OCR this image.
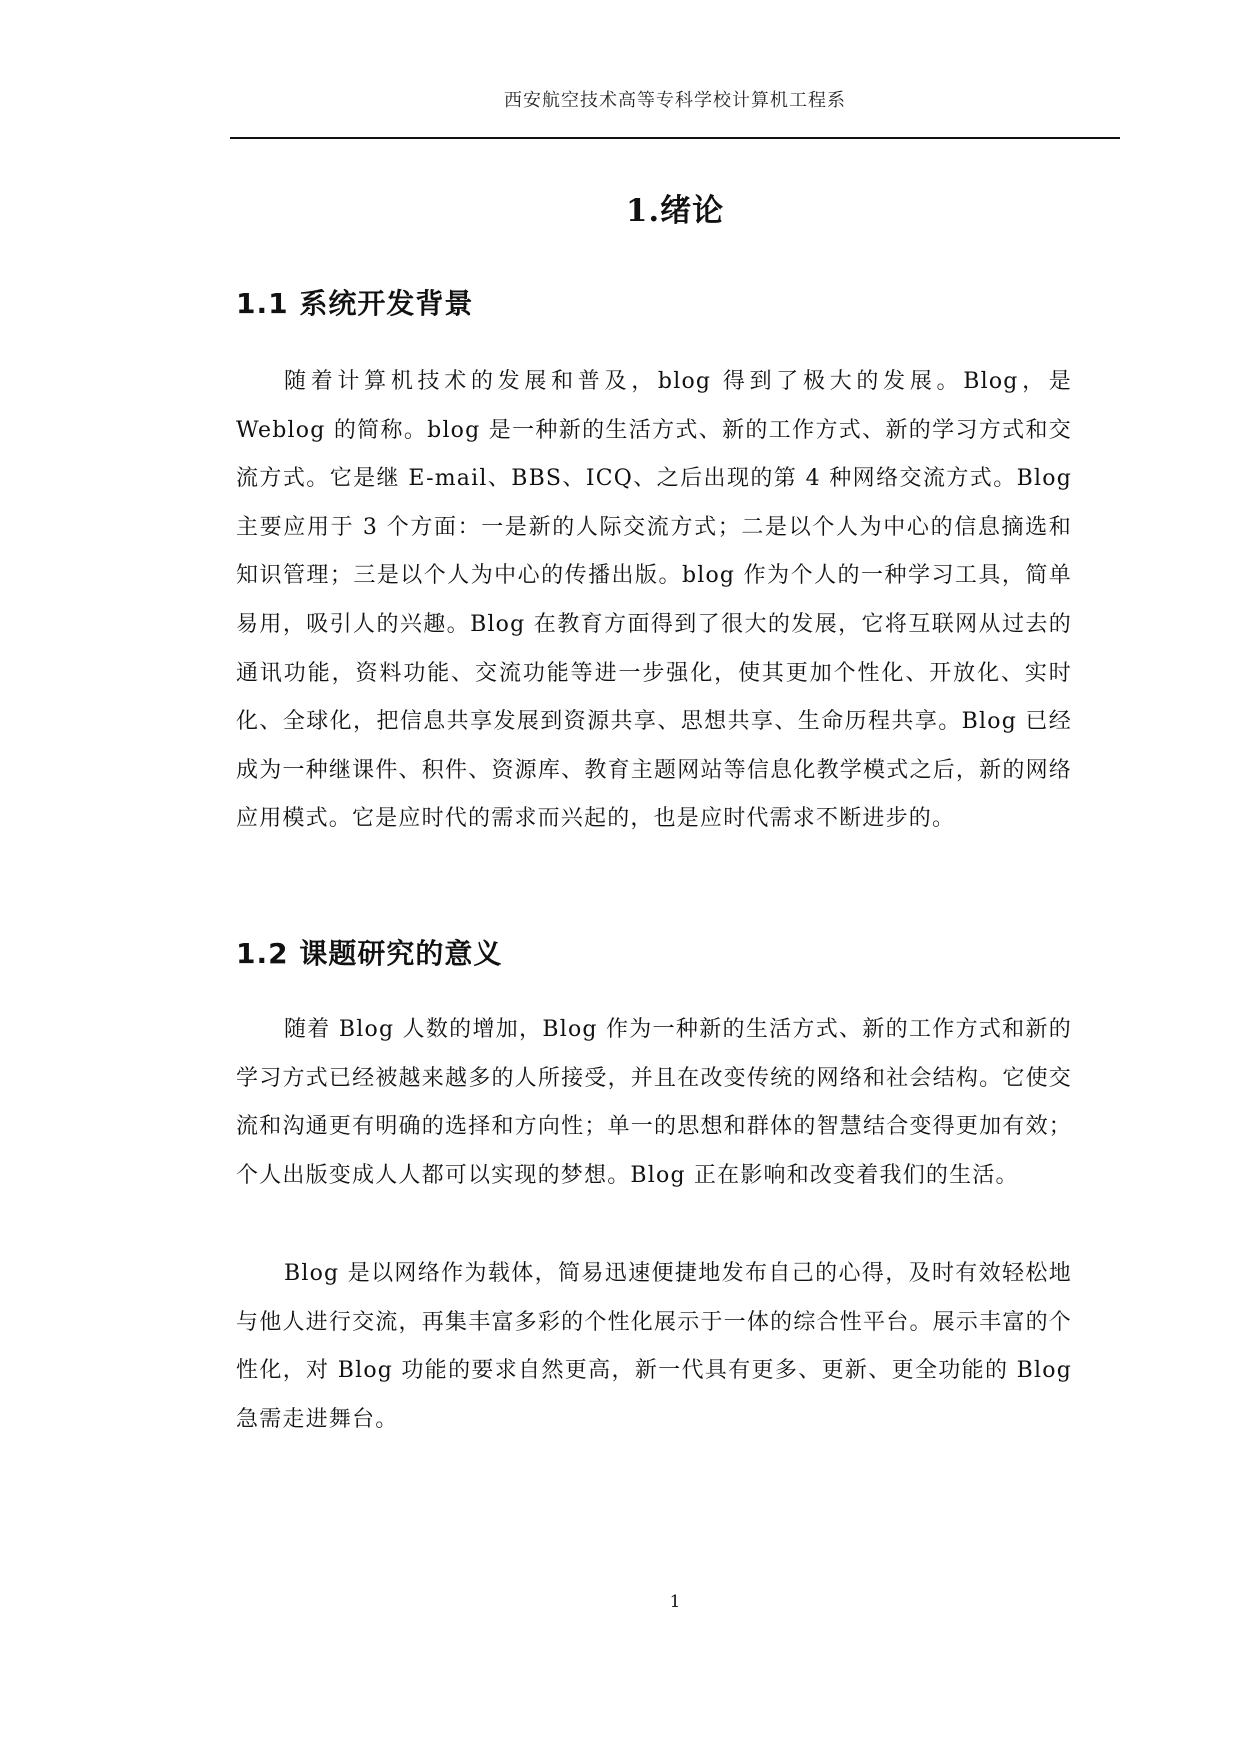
西安航空技术高等专科学校计算机工程系
1.绪论
1.1 系统开发背景

随着计算机技术的发展和普及，blog 得到了极大的发展。Blog，是 Weblog 的简称。blog 是一种新的生活方式、新的工作方式、新的学习方式和交流方式。它是继 E-mail、BBS、ICQ、之后出现的第 4 种网络交流方式。Blog 主要应用于 3 个方面：一是新的人际交流方式；二是以个人为中心的信息摘选和知识管理；三是以个人为中心的传播出版。blog 作为个人的一种学习工具，简单易用，吸引人的兴趣。Blog 在教育方面得到了很大的发展，它将互联网从过去的通讯功能，资料功能、交流功能等进一步强化，使其更加个性化、开放化、实时化、全球化，把信息共享发展到资源共享、思想共享、生命历程共享。Blog 已经成为一种继课件、积件、资源库、教育主题网站等信息化教学模式之后，新的网络应用模式。它是应时代的需求而兴起的，也是应时代需求不断进步的。

1.2 课题研究的意义

随着 Blog 人数的增加，Blog 作为一种新的生活方式、新的工作方式和新的学习方式已经被越来越多的人所接受，并且在改变传统的网络和社会结构。它使交流和沟通更有明确的选择和方向性；单一的思想和群体的智慧结合变得更加有效；个人出版变成人人都可以实现的梦想。Blog 正在影响和改变着我们的生活。

Blog 是以网络作为载体，简易迅速便捷地发布自己的心得，及时有效轻松地与他人进行交流，再集丰富多彩的个性化展示于一体的综合性平台。展示丰富的个性化，对 Blog 功能的要求自然更高，新一代具有更多、更新、更全功能的 Blog 急需走进舞台。

1
